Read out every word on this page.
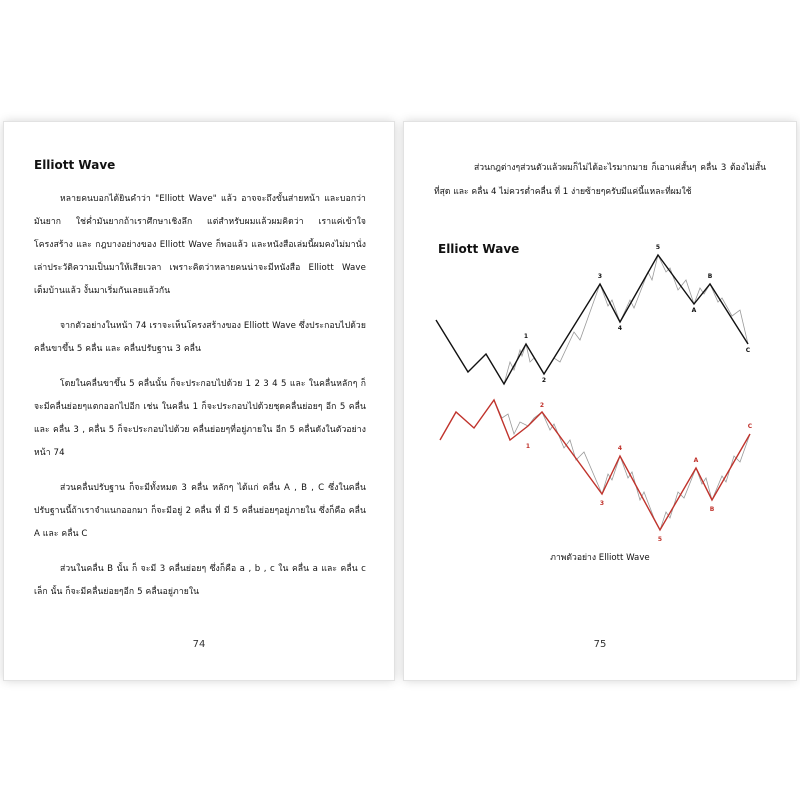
Elliott Wave

หลายคนบอกได้ยินคำว่า "Elliott Wave" แล้ว อาจจะถึงขั้นส่ายหน้า และบอกว่ามันยาก ใช่ค่ำมันยากถ้าเราศึกษาเชิงลึก แต่สำหรับผมแล้วผมคิดว่า เราแค่เข้าใจโครงสร้าง และ กฎบางอย่างของ Elliott Wave ก็พอแล้ว และหนังสือเล่มนี้ผมคงไม่มานั่งเล่าประวัติความเป็นมาให้เสียเวลา เพราะคิดว่าหลายคนน่าจะมีหนังสือ Elliott Wave เต็มบ้านแล้ว งั้นมาเริ่มกันเลยแล้วกัน

จากตัวอย่างในหน้า 74 เราจะเห็นโครงสร้างของ Elliott Wave ซึ่งประกอบไปด้วย คลื่นขาขึ้น 5 คลื่น และ คลื่นปรับฐาน 3 คลื่น

โดยในคลื่นขาขึ้น 5 คลื่นนั้น ก็จะประกอบไปด้วย 1 2 3 4 5 และ ในคลื่นหลักๆ ก็จะมีคลื่นย่อยๆแตกออกไปอีก เช่น ในคลื่น 1 ก็จะประกอบไปด้วยชุดคลื่นย่อยๆ อีก 5 คลื่น และ คลื่น 3 , คลื่น 5 ก็จะประกอบไปด้วย คลื่นย่อยๆที่อยู่ภายใน อีก 5 คลื่นดังในตัวอย่างหน้า 74

ส่วนคลื่นปรับฐาน ก็จะมีทั้งหมด 3 คลื่น หลักๆ ได้แก่ คลื่น A , B , C ซึ่งในคลื่นปรับฐานนี้ถ้าเราจำแนกออกมา ก็จะมีอยู่ 2 คลื่น ที่ มี 5 คลื่นย่อยๆอยู่ภายใน ซึ่งก็คือ คลื่น A และ คลื่น C

ส่วนในคลื่น B นั้น ก็ จะมี 3 คลื่นย่อยๆ ซึ่งก็คือ a , b , c ใน คลื่น a และ คลื่น c เล็ก นั้น ก็จะมีคลื่นย่อยๆอีก 5 คลื่นอยู่ภายใน

74
ส่วนกฎต่างๆส่วนตัวแล้วผมก็ไม่ได้อะไรมากมาย ก็เอาแค่สั้นๆ คลื่น 3 ต้องไม่สั้นที่สุด และ คลื่น 4 ไม่ควรต่ำคลื่น ที่ 1 ง่ายซ้ายๆครับมีแค่นี้แหละที่ผมใช้
Elliott Wave
1
2
3
4
5
A
B
C
1
2
3
4
5
A
B
C
ภาพตัวอย่าง Elliott Wave
75
